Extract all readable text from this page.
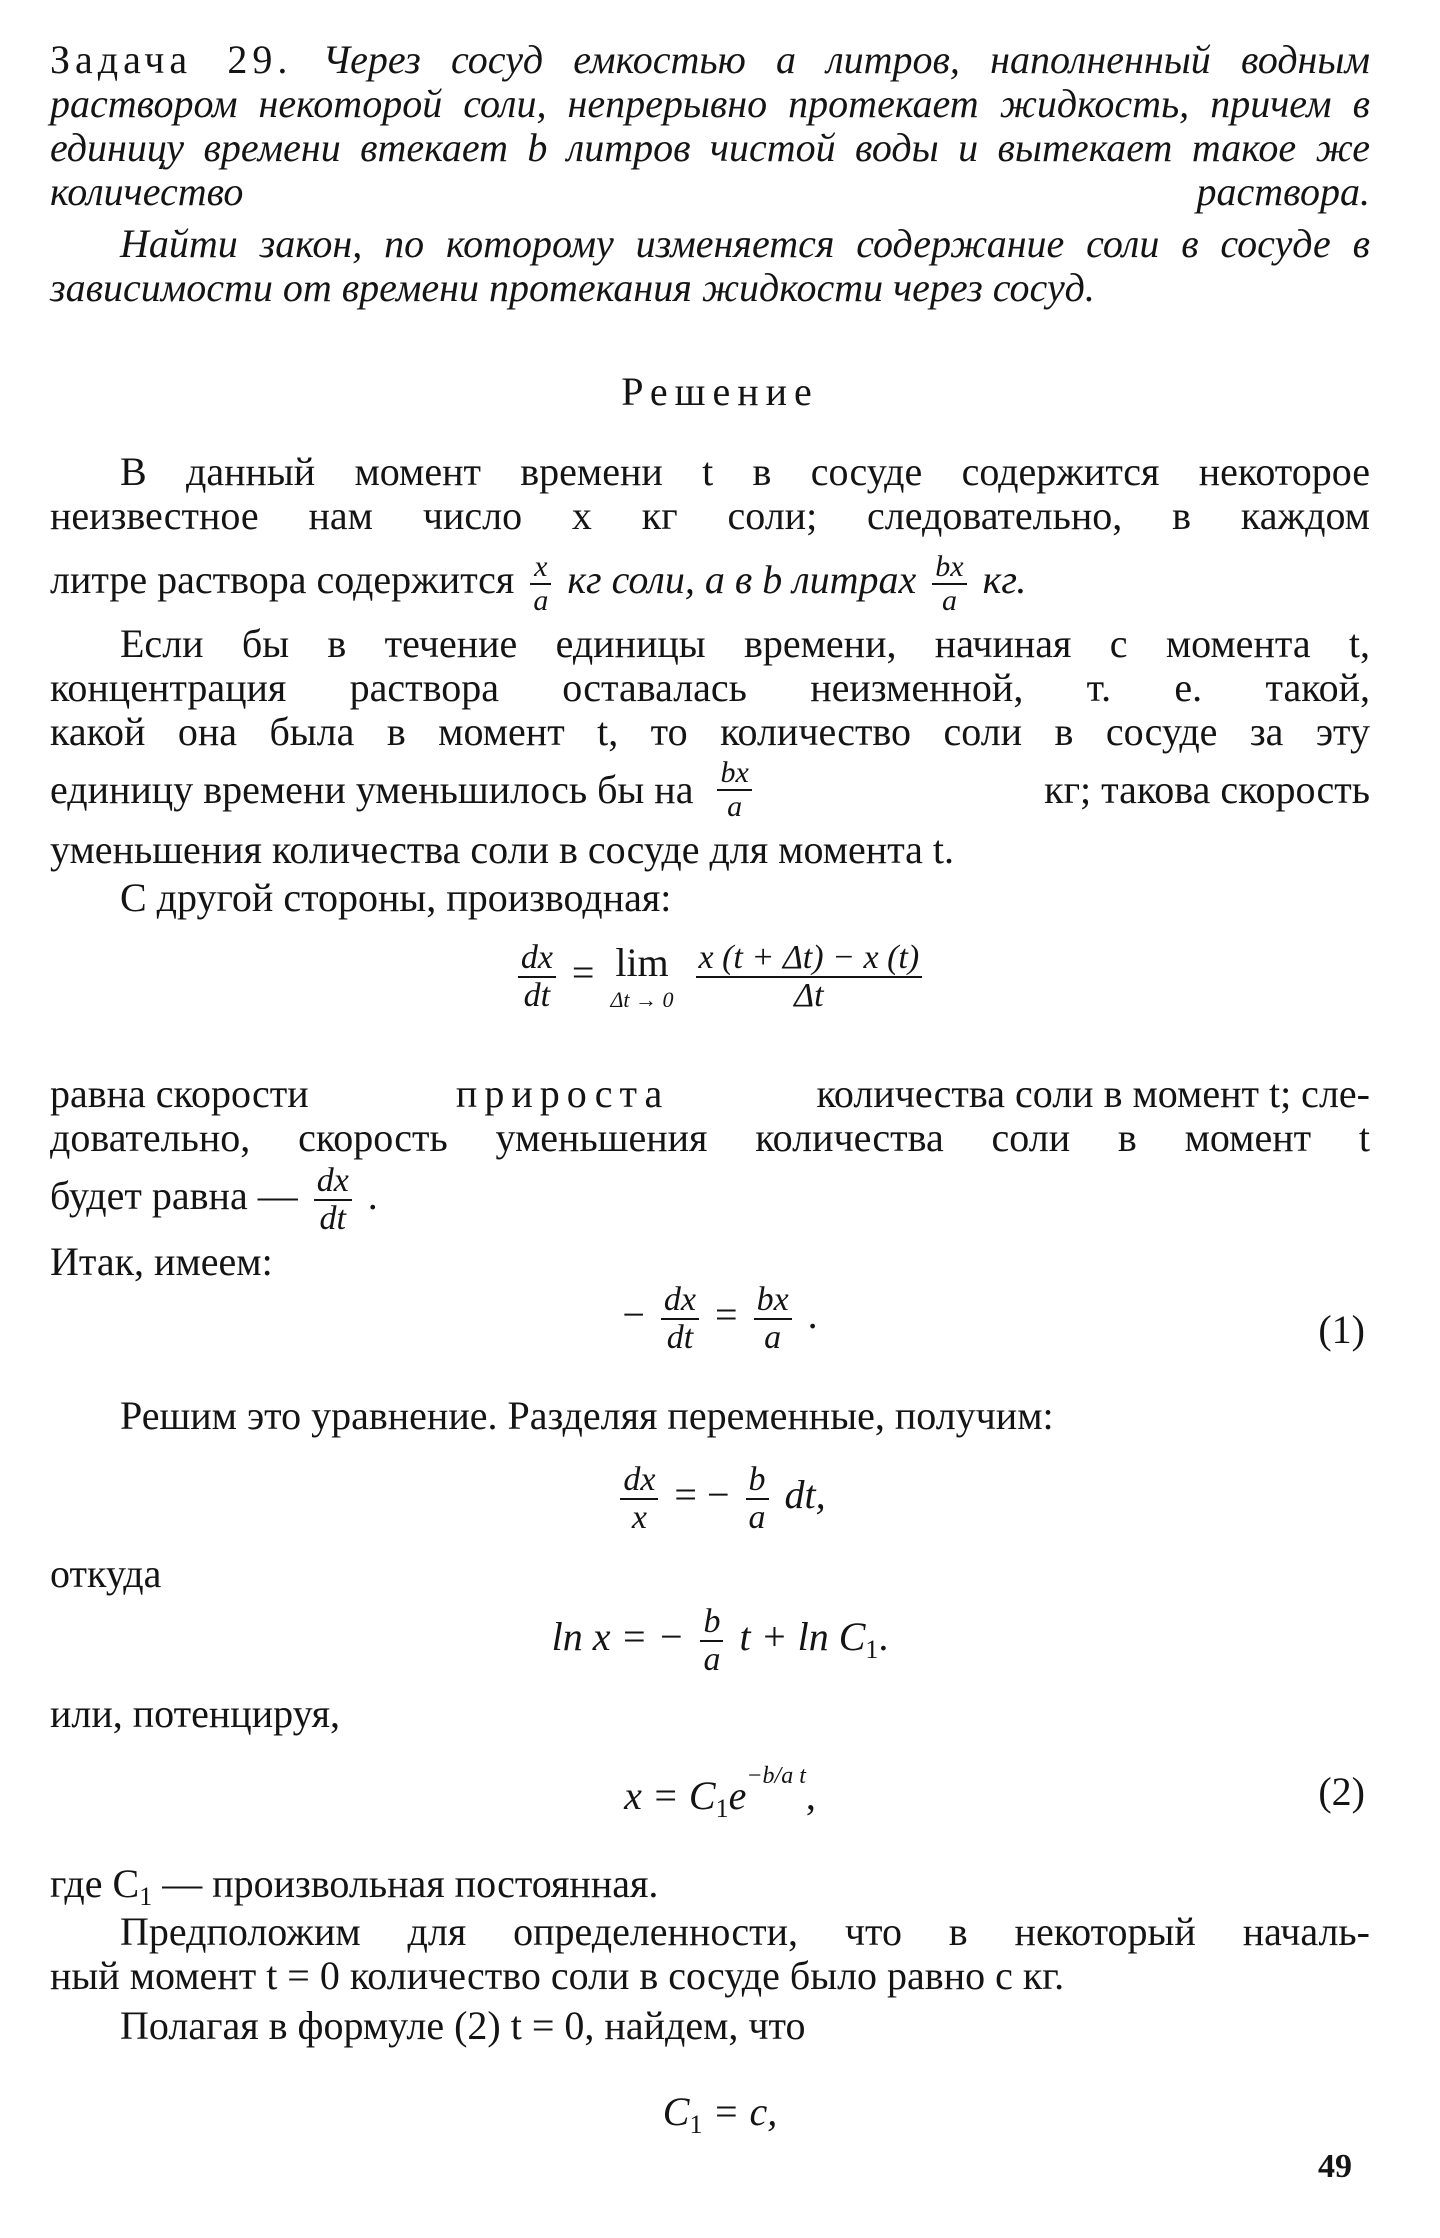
Задача 29. Через сосуд емкостью a литров, наполненный водным раствором некоторой соли, непрерывно протекает жидкость, причем в единицу времени втекает b литров чистой воды и вытекает такое же количество раствора.
Найти закон, по которому изменяется содержание соли в сосуде в зависимости от времени протекания жидкости через сосуд.
Решение
В данный момент времени t в сосуде содержится некоторое
неизвестное нам число x кг соли; следовательно, в каждом
литре раствора содержится $\frac{x}{a}$ кг соли, а в b литрах $\frac{bx}{a}$ кг.
Если бы в течение единицы времени, начиная с момента t,
концентрация раствора оставалась неизменной, т. е. такой,
какой она была в момент t, то количество соли в сосуде за эту
единицу времени уменьшилось бы на $\frac{bx}{a}$	кг; такова скорость
уменьшения количества соли в сосуде для момента t.
С другой стороны, производная:
$\frac{dx}{dt} = \lim$
Δt → 0
$\frac{x (t + \Delta t) - x (t)}{\Delta t}$
равна скорости	прироста	количества соли в момент t; сле-
довательно, скорость уменьшения количества соли в момент t
будет равна — $\frac{dx}{dt}$ .
Итак, имеем:
− $\frac{dx}{dt} = \frac{bx}{a}$ .	(1)
Решим это уравнение. Разделяя переменные, получим:
$\frac{dx}{x}$ = − $\frac{b}{a}$ dt,
откуда
ln x = − $\frac{b}{a}$ $t + \ln C_1$.
или, потенцируя,
$x = C_1e^{-b/a t}$,	(2)
где $C_1$ — произвольная постоянная.
Предположим для определенности, что в некоторый началь-
ный момент t = 0 количество соли в сосуде было равно c кг.
Полагая в формуле (2) t = 0, найдем, что
$C_1 = c$,
49
